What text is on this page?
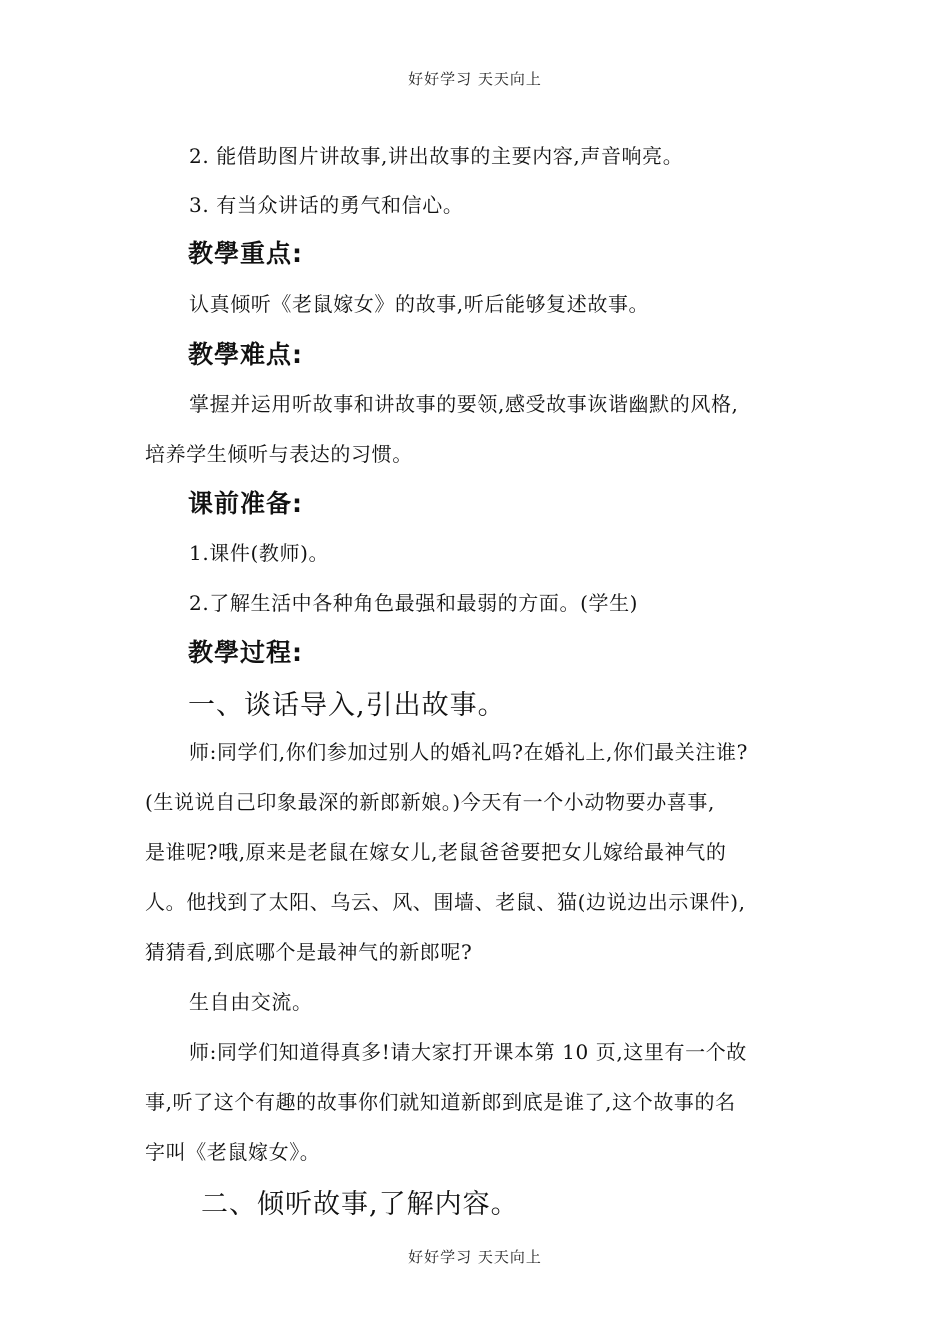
好好学习 天天向上
2. 能借助图片讲故事,讲出故事的主要内容,声音响亮。
3. 有当众讲话的勇气和信心。
教學重点:
认真倾听《老鼠嫁女》的故事,听后能够复述故事。
教學难点:
掌握并运用听故事和讲故事的要领,感受故事诙谐幽默的风格,
培养学生倾听与表达的习惯。
课前准备:
1.课件(教师)。
2.了解生活中各种角色最强和最弱的方面。(学生)
教學过程:
一、谈话导入,引出故事。
师:同学们,你们参加过别人的婚礼吗?在婚礼上,你们最关注谁?
(生说说自己印象最深的新郎新娘。)今天有一个小动物要办喜事,
是谁呢?哦,原来是老鼠在嫁女儿,老鼠爸爸要把女儿嫁给最神气的
人。他找到了太阳、乌云、风、围墙、老鼠、猫(边说边出示课件),
猜猜看,到底哪个是最神气的新郎呢?
生自由交流。
师:同学们知道得真多!请大家打开课本第 10 页,这里有一个故
事,听了这个有趣的故事你们就知道新郎到底是谁了,这个故事的名
字叫《老鼠嫁女》。
二、倾听故事,了解内容。
好好学习 天天向上
